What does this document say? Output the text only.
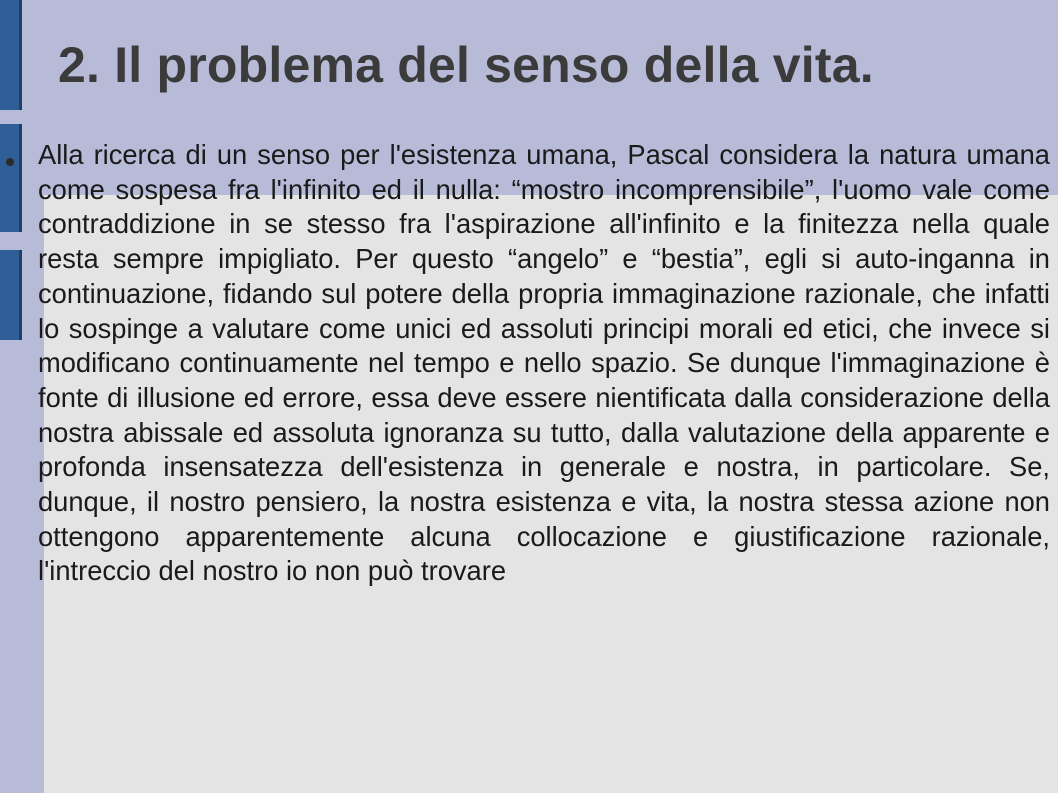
2. Il problema del senso della vita.

Alla ricerca di un senso per l'esistenza umana, Pascal considera la natura umana come sospesa fra l'infinito ed il nulla: “mostro incomprensibile”, l'uomo vale come contraddizione in se stesso fra l'aspirazione all'infinito e la finitezza nella quale resta sempre impigliato. Per questo “angelo” e “bestia”, egli si auto-inganna in continuazione, fidando sul potere della propria immaginazione razionale, che infatti lo sospinge a valutare come unici ed assoluti principi morali ed etici, che invece si modificano continuamente nel tempo e nello spazio. Se dunque l'immaginazione è fonte di illusione ed errore, essa deve essere nientificata dalla considerazione della nostra abissale ed assoluta ignoranza su tutto, dalla valutazione della apparente e profonda insensatezza dell'esistenza in generale e nostra, in particolare. Se, dunque, il nostro pensiero, la nostra esistenza e vita, la nostra stessa azione non ottengono apparentemente alcuna collocazione e giustificazione razionale, l'intreccio del nostro io non può trovare
